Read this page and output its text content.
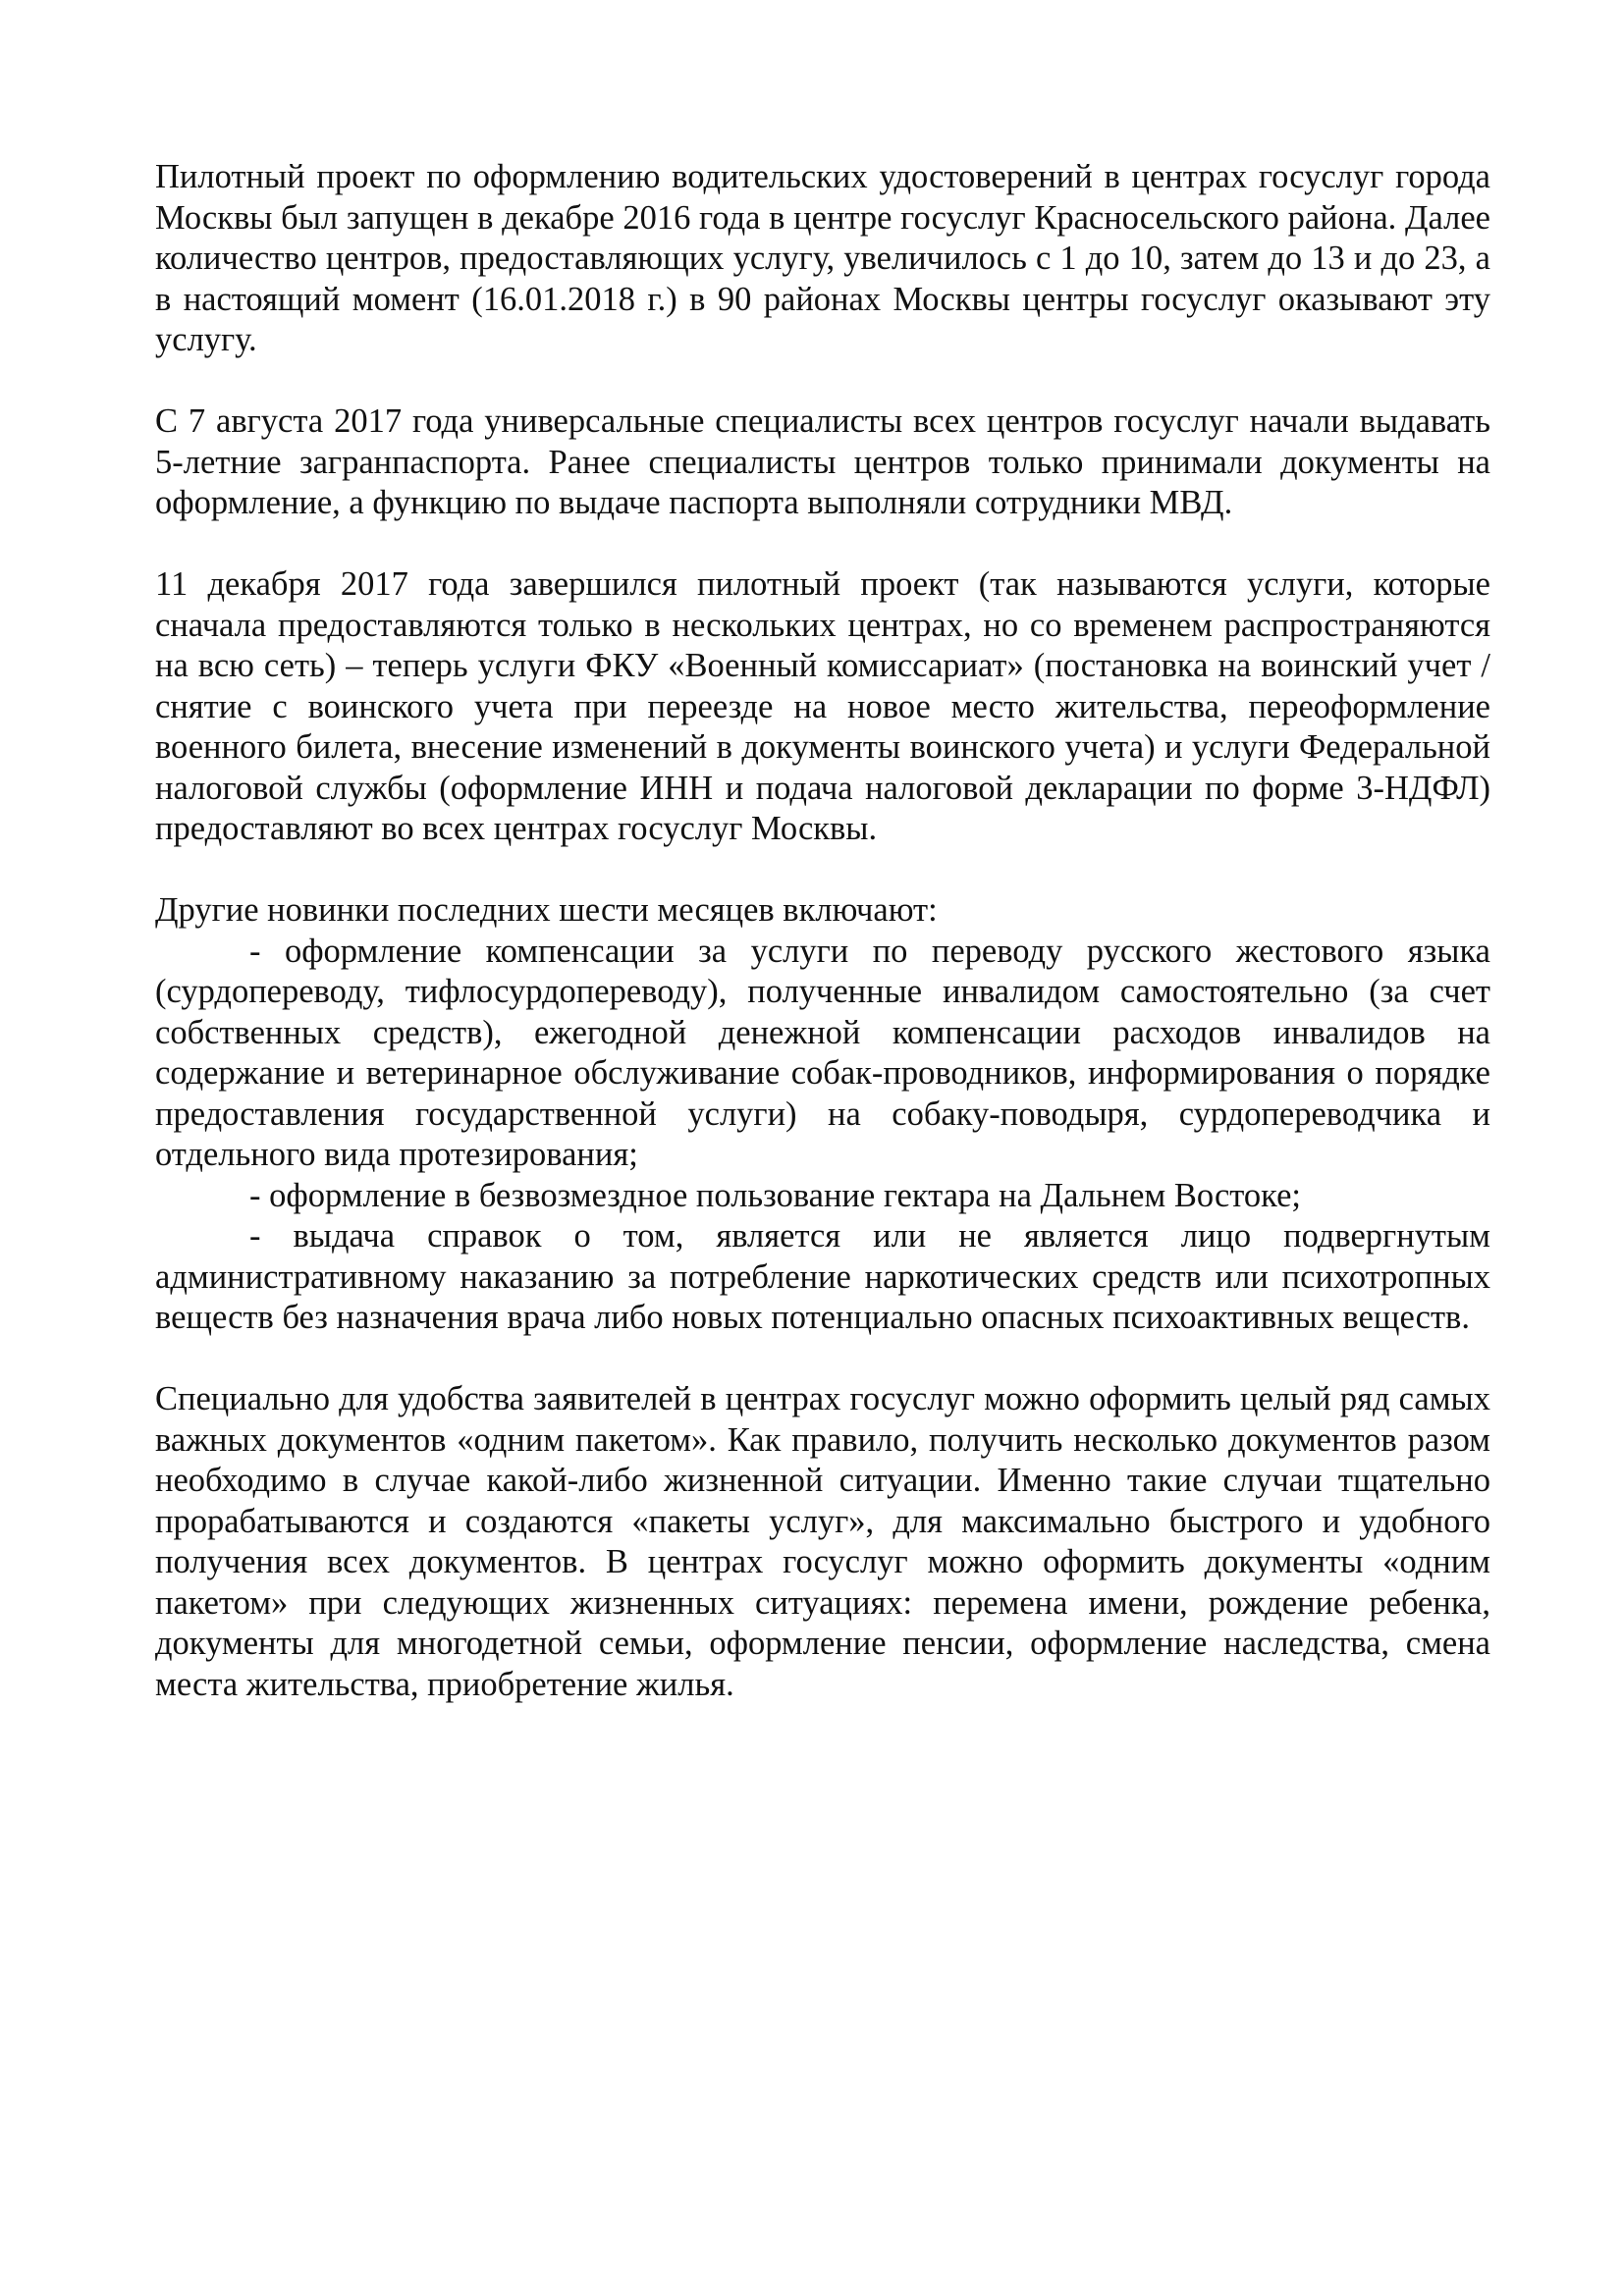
Пилотный проект по оформлению водительских удостоверений в центрах госуслуг города Москвы был запущен в декабре 2016 года в центре госуслуг Красносельского района. Далее количество центров, предоставляющих услугу, увеличилось с 1 до 10, затем до 13 и до 23, а в настоящий момент (16.01.2018 г.) в 90 районах Москвы центры госуслуг оказывают эту услугу.

С 7 августа 2017 года универсальные специалисты всех центров госуслуг начали выдавать 5-летние загранпаспорта. Ранее специалисты центров только принимали документы на оформление, а функцию по выдаче паспорта выполняли сотрудники МВД.

11 декабря 2017 года завершился пилотный проект (так называются услуги, которые сначала предоставляются только в нескольких центрах, но со временем распространяются на всю сеть) – теперь услуги ФКУ «Военный комиссариат» (постановка на воинский учет / снятие с воинского учета при переезде на новое место жительства, переоформление военного билета, внесение изменений в документы воинского учета) и услуги Федеральной налоговой службы (оформление ИНН и подача налоговой декларации по форме 3-НДФЛ) предоставляют во всех центрах госуслуг Москвы.

Другие новинки последних шести месяцев включают:

- оформление компенсации за услуги по переводу русского жестового языка (сурдопереводу, тифлосурдопереводу), полученные инвалидом самостоятельно (за счет собственных средств), ежегодной денежной компенсации расходов инвалидов на содержание и ветеринарное обслуживание собак-проводников, информирования о порядке предоставления государственной услуги) на собаку-поводыря, сурдопереводчика и отдельного вида протезирования;

- оформление в безвозмездное пользование гектара на Дальнем Востоке;

- выдача справок о том, является или не является лицо подвергнутым административному наказанию за потребление наркотических средств или психотропных веществ без назначения врача либо новых потенциально опасных психоактивных веществ.

Специально для удобства заявителей в центрах госуслуг можно оформить целый ряд самых важных документов «одним пакетом». Как правило, получить несколько документов разом необходимо в случае какой-либо жизненной ситуации. Именно такие случаи тщательно прорабатываются и создаются «пакеты услуг», для максимально быстрого и удобного получения всех документов. В центрах госуслуг можно оформить документы «одним пакетом» при следующих жизненных ситуациях: перемена имени, рождение ребенка, документы для многодетной семьи, оформление пенсии, оформление наследства, смена места жительства, приобретение жилья.
